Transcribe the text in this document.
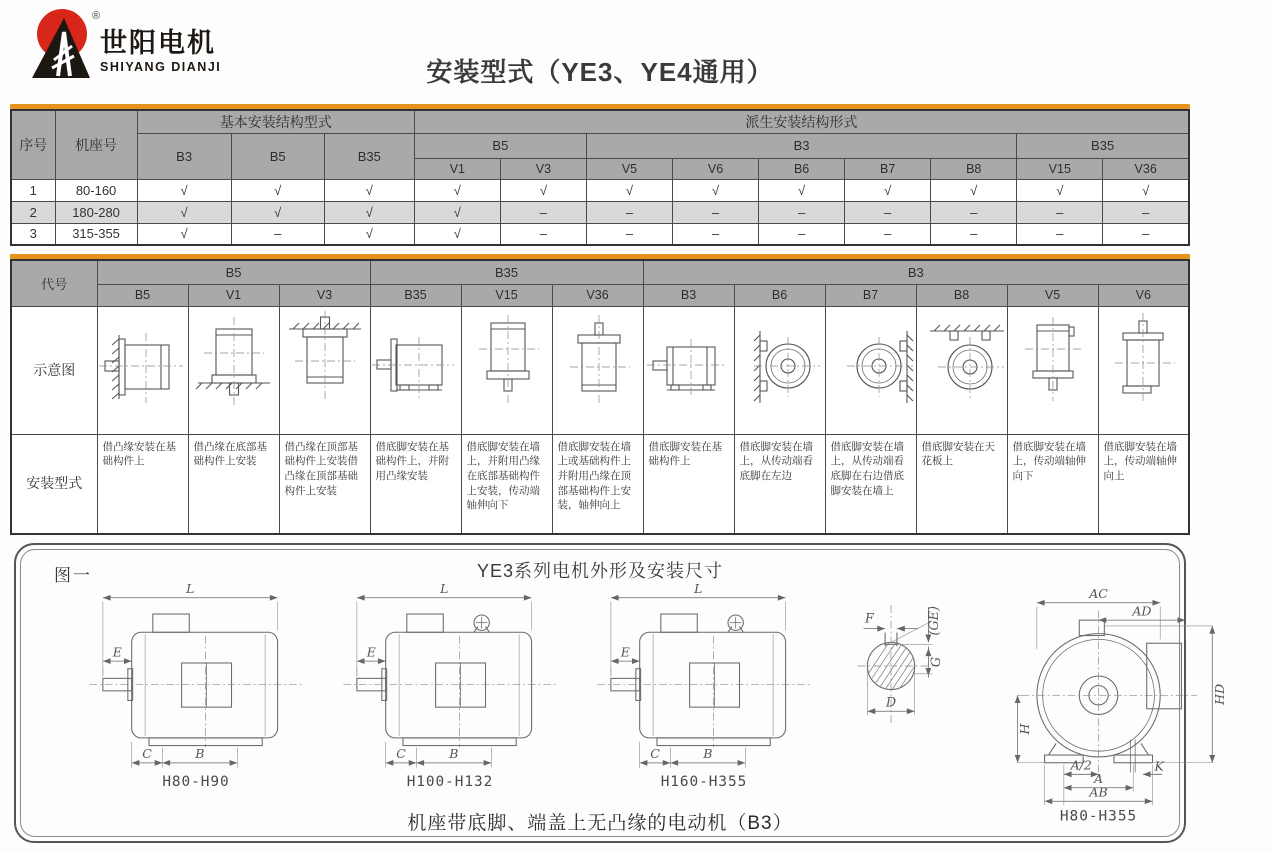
®
世阳电机
SHIYANG DIANJI	安装型式（YE3、YE4通用）
序号	机座号	基本安装结构型式			派生安装结构形式								
		B3	B5	B35	B5		B3					B35	
					V1	V3	V5	V6	B6	B7	B8	V15	V36
1	80-160	√	√	√	√	√	√	√	√	√	√	√	√
2	180-280	√	√	√	√	–	–	–	–	–	–	–	–
3	315-355	√	–	√	√	–	–	–	–	–	–	–	–
代号	B5			B35			B3					
	B5	V1	V3	B35	V15	V36	B3	B6	B7	B8	V5	V6
示意图												
安装型式	借凸缘安装在基础构件上	借凸缘在底部基础构件上安装	借凸缘在顶部基础构件上安装借凸缘在顶部基础构件上安装	借底脚安装在基础构件上，并附用凸缘安装	借底脚安装在墙上，并附用凸缘在底部基础构件上安装，传动端轴伸向下	借底脚安装在墙上或基础构件上并附用凸缘在顶部基础构件上安装，轴伸向上	借底脚安装在基础构件上	借底脚安装在墙上，从传动端看底脚在左边	借底脚安装在墙上，从传动端看底脚在右边借底脚安装在墙上	借底脚安装在天花板上	借底脚安装在墙上，传动端轴伸向下	借底脚安装在墙上，传动端轴伸向上
图一	YE3系列电机外形及安装尺寸
L
E
C	B
H80-H90
L
E
C	B
H100-H132
L
E
C	B
H160-H355
F	(GE)
G
D
AC
AD
HD
H
A/2
A
AB
K
H80-H355
机座带底脚、端盖上无凸缘的电动机（B3）
